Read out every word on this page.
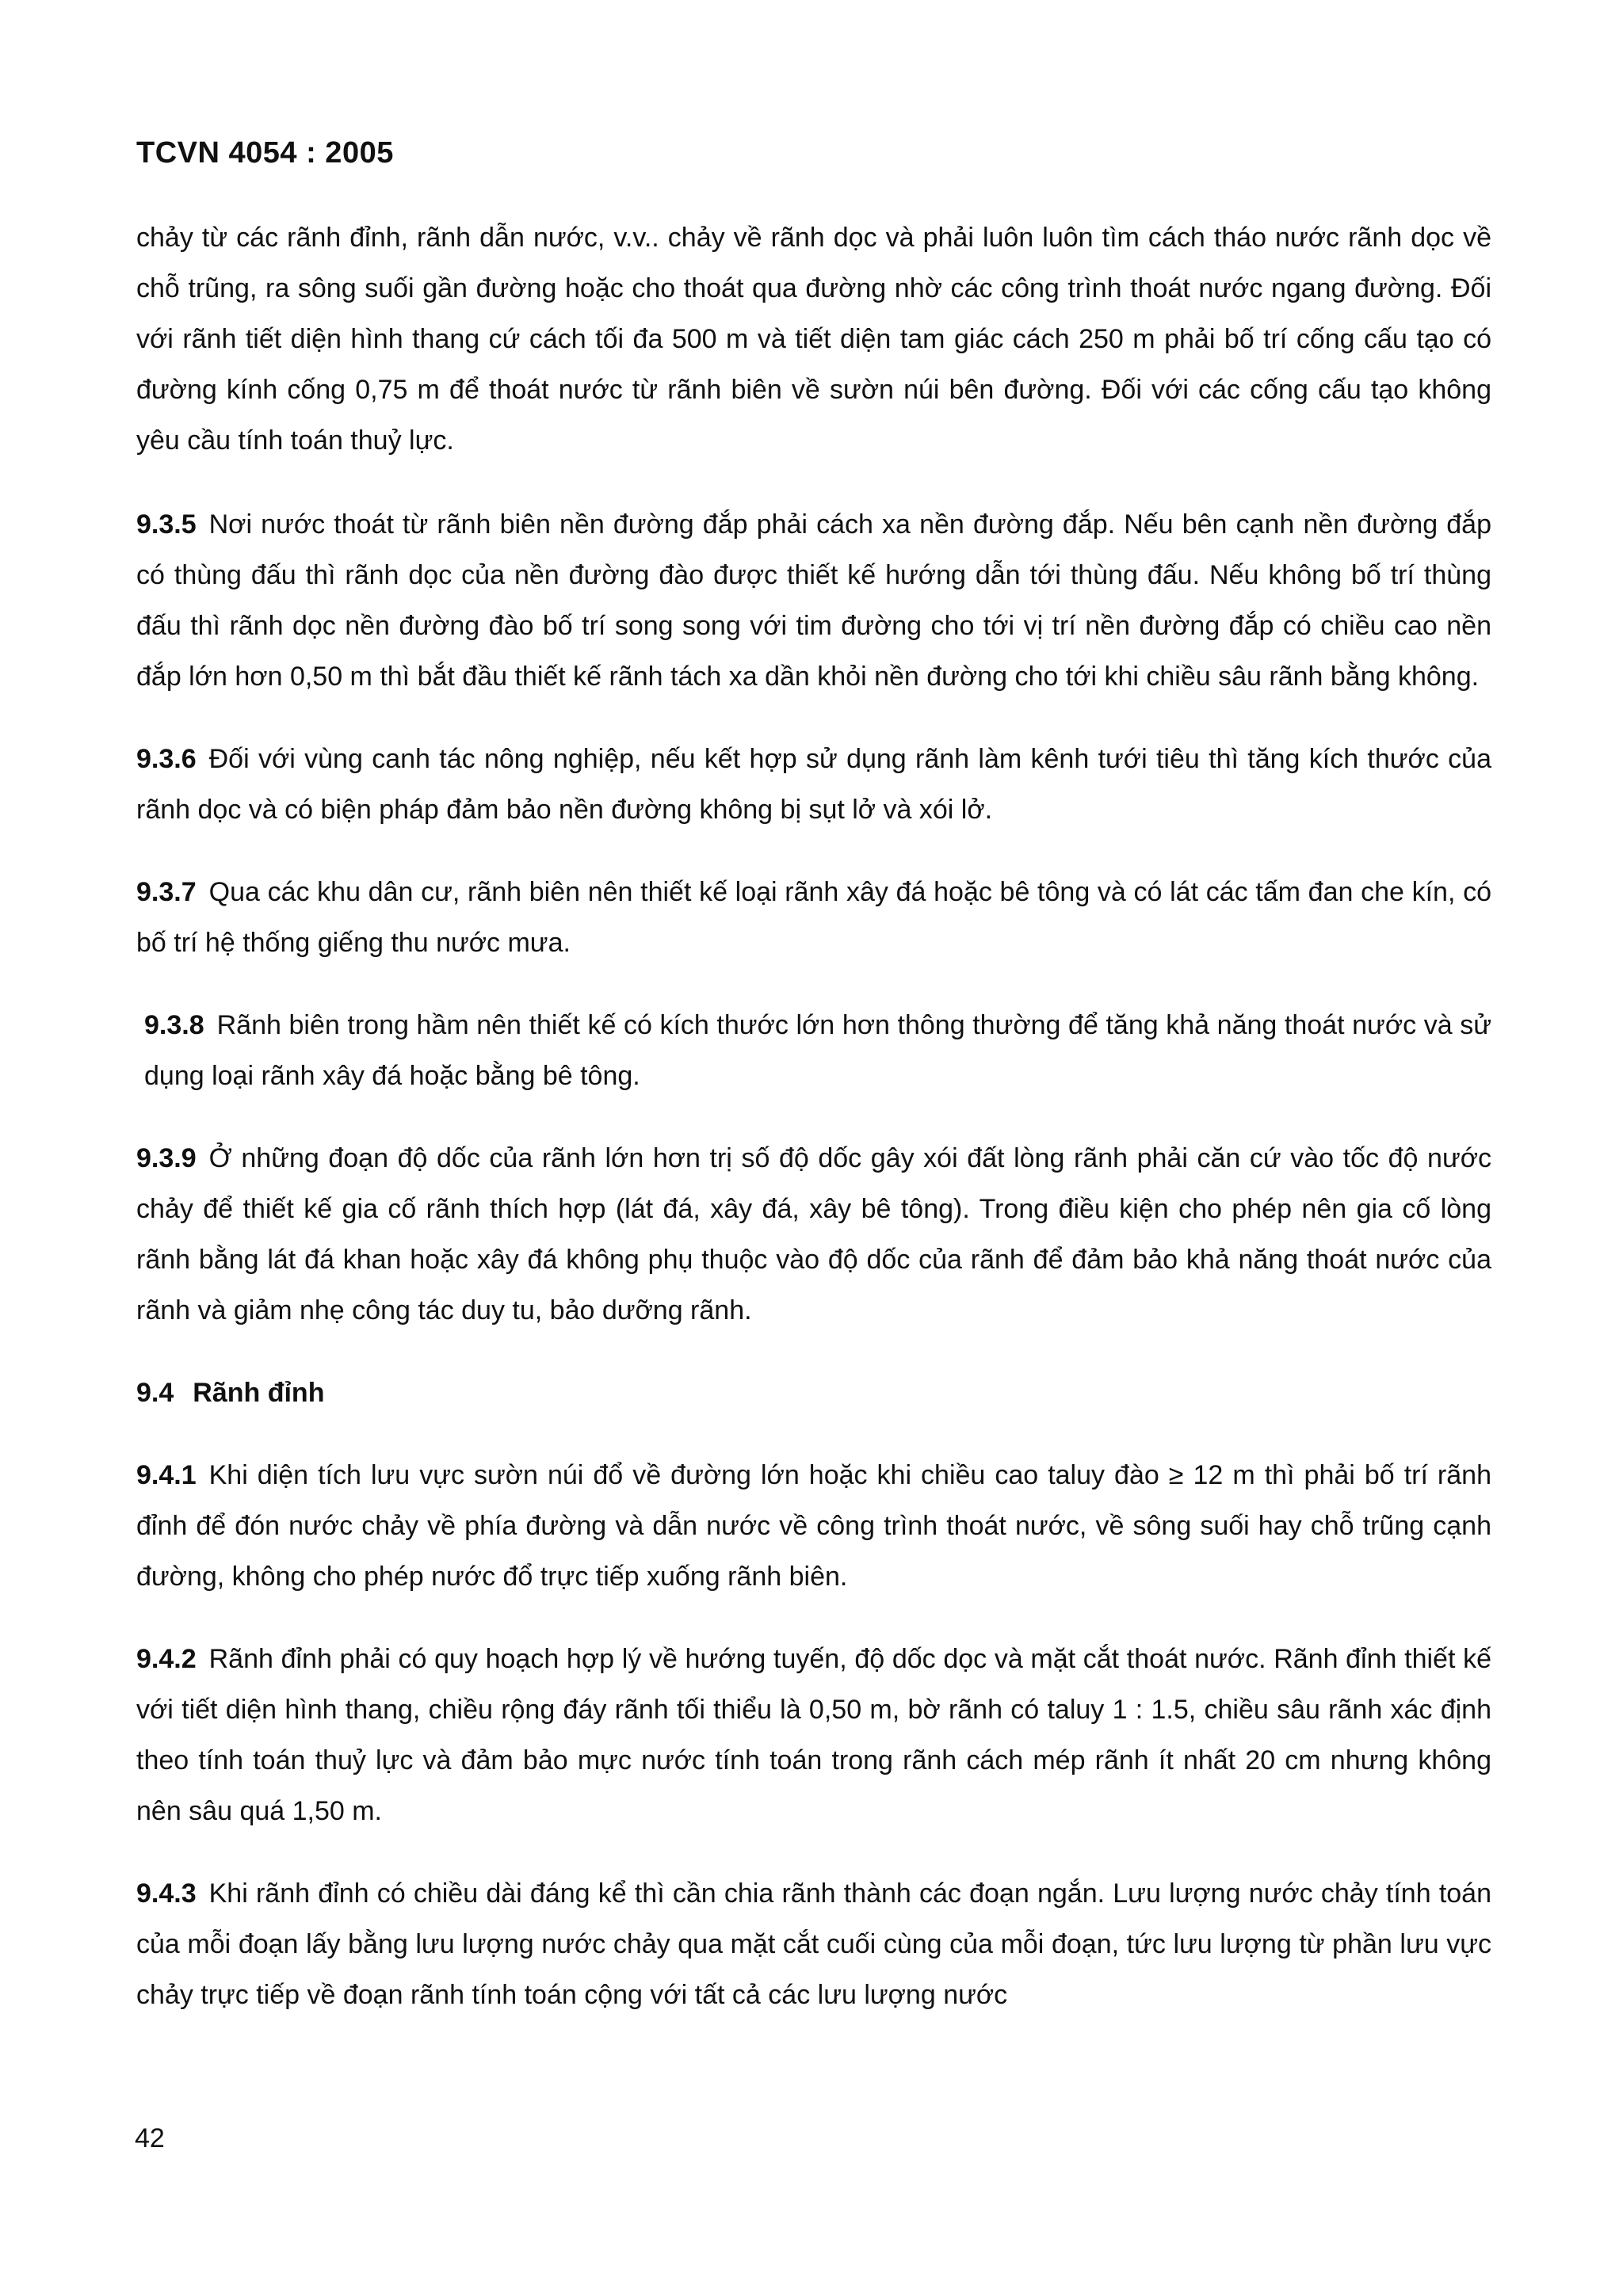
TCVN 4054 : 2005

chảy từ các rãnh đỉnh, rãnh dẫn nước, v.v.. chảy về rãnh dọc và phải luôn luôn tìm cách tháo nước rãnh dọc về chỗ trũng, ra sông suối gần đường hoặc cho thoát qua đường nhờ các công trình thoát nước ngang đường. Đối với rãnh tiết diện hình thang cứ cách tối đa 500 m và tiết diện tam giác cách 250 m phải bố trí cống cấu tạo có đường kính cống 0,75 m để thoát nước từ rãnh biên về sườn núi bên đường. Đối với các cống cấu tạo không yêu cầu tính toán thuỷ lực.

9.3.5 Nơi nước thoát từ rãnh biên nền đường đắp phải cách xa nền đường đắp. Nếu bên cạnh nền đường đắp có thùng đấu thì rãnh dọc của nền đường đào được thiết kế hướng dẫn tới thùng đấu. Nếu không bố trí thùng đấu thì rãnh dọc nền đường đào bố trí song song với tim đường cho tới vị trí nền đường đắp có chiều cao nền đắp lớn hơn 0,50 m thì bắt đầu thiết kế rãnh tách xa dần khỏi nền đường cho tới khi chiều sâu rãnh bằng không.

9.3.6 Đối với vùng canh tác nông nghiệp, nếu kết hợp sử dụng rãnh làm kênh tưới tiêu thì tăng kích thước của rãnh dọc và có biện pháp đảm bảo nền đường không bị sụt lở và xói lở.

9.3.7 Qua các khu dân cư, rãnh biên nên thiết kế loại rãnh xây đá hoặc bê tông và có lát các tấm đan che kín, có bố trí hệ thống giếng thu nước mưa.

9.3.8 Rãnh biên trong hầm nên thiết kế có kích thước lớn hơn thông thường để tăng khả năng thoát nước và sử dụng loại rãnh xây đá hoặc bằng bê tông.

9.3.9 Ở những đoạn độ dốc của rãnh lớn hơn trị số độ dốc gây xói đất lòng rãnh phải căn cứ vào tốc độ nước chảy để thiết kế gia cố rãnh thích hợp (lát đá, xây đá, xây bê tông). Trong điều kiện cho phép nên gia cố lòng rãnh bằng lát đá khan hoặc xây đá không phụ thuộc vào độ dốc của rãnh để đảm bảo khả năng thoát nước của rãnh và giảm nhẹ công tác duy tu, bảo dưỡng rãnh.

9.4 Rãnh đỉnh

9.4.1 Khi diện tích lưu vực sườn núi đổ về đường lớn hoặc khi chiều cao taluy đào ≥ 12 m thì phải bố trí rãnh đỉnh để đón nước chảy về phía đường và dẫn nước về công trình thoát nước, về sông suối hay chỗ trũng cạnh đường, không cho phép nước đổ trực tiếp xuống rãnh biên.

9.4.2 Rãnh đỉnh phải có quy hoạch hợp lý về hướng tuyến, độ dốc dọc và mặt cắt thoát nước. Rãnh đỉnh thiết kế với tiết diện hình thang, chiều rộng đáy rãnh tối thiểu là 0,50 m, bờ rãnh có taluy 1 : 1.5, chiều sâu rãnh xác định theo tính toán thuỷ lực và đảm bảo mực nước tính toán trong rãnh cách mép rãnh ít nhất 20 cm nhưng không nên sâu quá 1,50 m.

9.4.3 Khi rãnh đỉnh có chiều dài đáng kể thì cần chia rãnh thành các đoạn ngắn. Lưu lượng nước chảy tính toán của mỗi đoạn lấy bằng lưu lượng nước chảy qua mặt cắt cuối cùng của mỗi đoạn, tức lưu lượng từ phần lưu vực chảy trực tiếp về đoạn rãnh tính toán cộng với tất cả các lưu lượng nước

42
